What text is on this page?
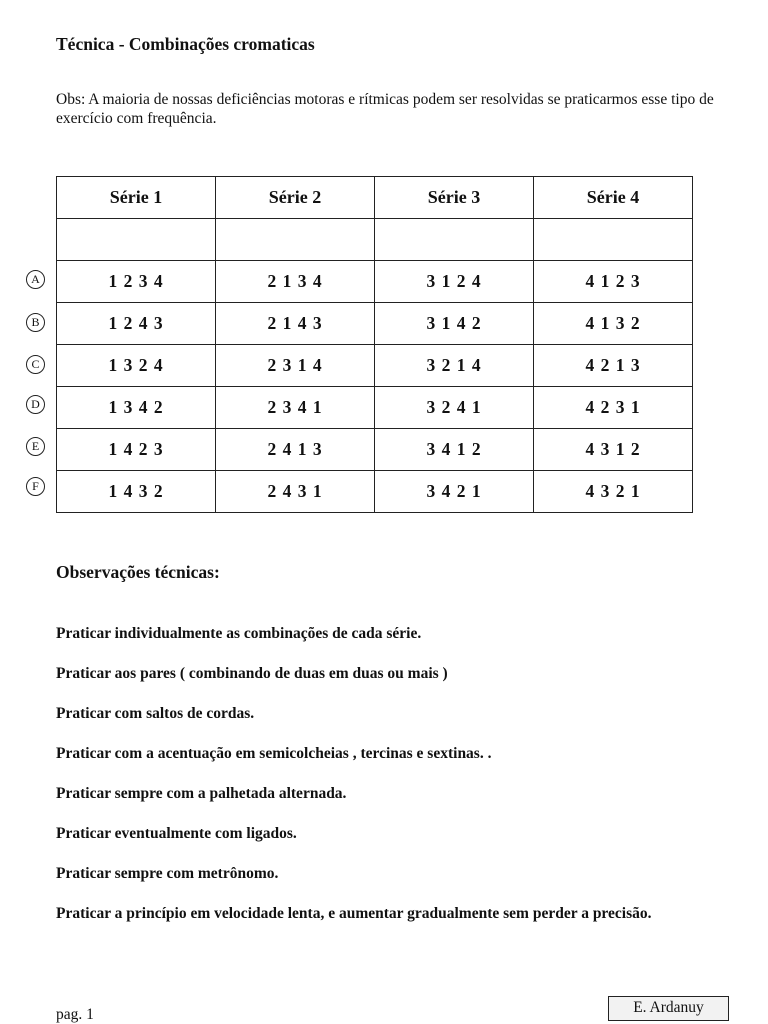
Técnica - Combinações cromaticas
Obs: A maioria de nossas deficiências motoras e rítmicas podem ser resolvidas se praticarmos esse tipo de exercício com frequência.
Série 1	Série 2	Série 3	Série 4

1 2 3 4	2 1 3 4	3 1 2 4	4 1 2 3
1 2 4 3	2 1 4 3	3 1 4 2	4 1 3 2
1 3 2 4	2 3 1 4	3 2 1 4	4 2 1 3
1 3 4 2	2 3 4 1	3 2 4 1	4 2 3 1
1 4 2 3	2 4 1 3	3 4 1 2	4 3 1 2
1 4 3 2	2 4 3 1	3 4 2 1	4 3 2 1
A
B
C
D
E
F
Observações técnicas:
Praticar individualmente as combinações de cada série.
Praticar aos pares ( combinando de duas em duas ou mais )
Praticar com saltos de cordas.
Praticar com a acentuação em semicolcheias , tercinas e sextinas. .
Praticar sempre com a palhetada alternada.
Praticar eventualmente com ligados.
Praticar sempre com metrônomo.
Praticar a princípio em velocidade lenta, e aumentar gradualmente sem perder a precisão.
pag. 1	E. Ardanuy
